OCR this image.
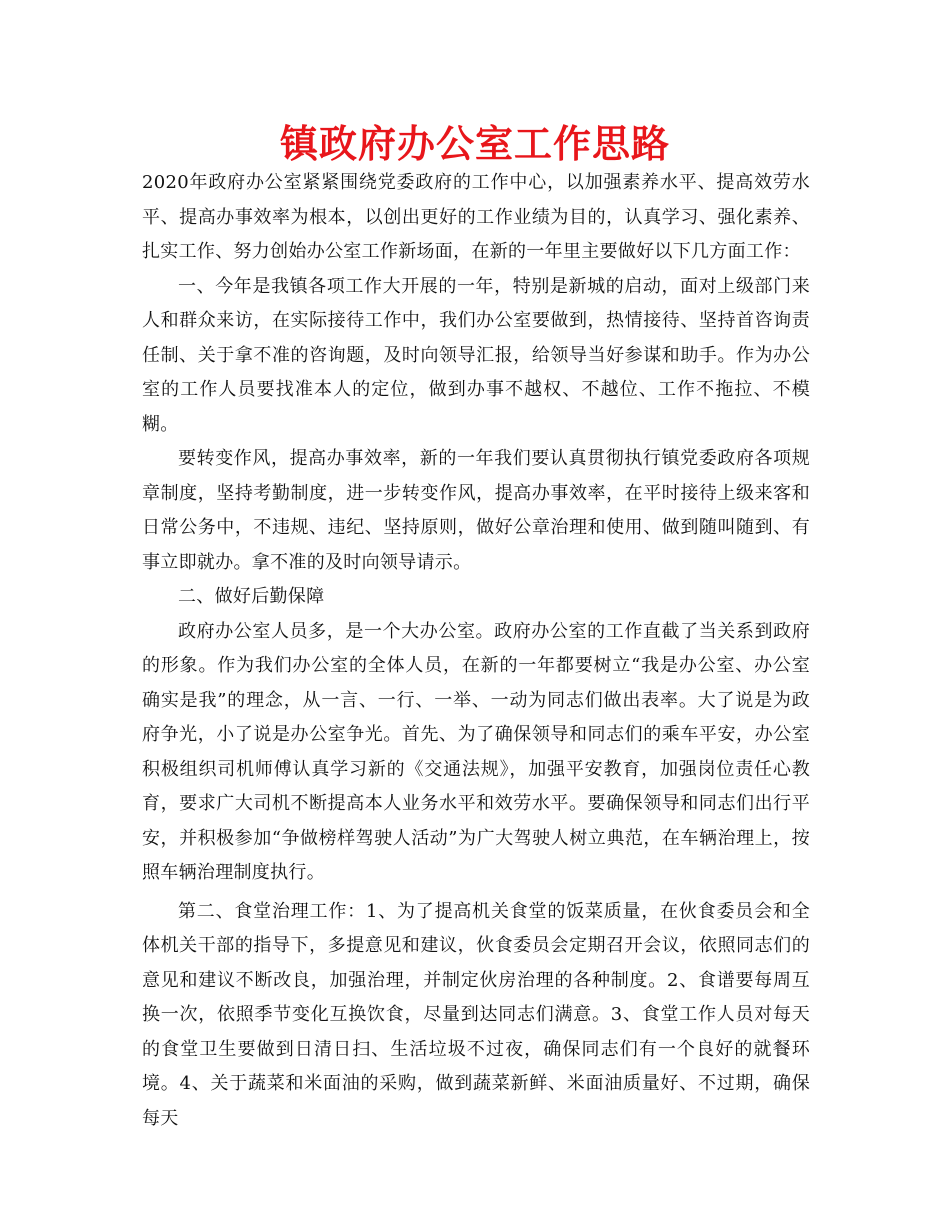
镇政府办公室工作思路

2020年政府办公室紧紧围绕党委政府的工作中心，以加强素养水平、提高效劳水平、提高办事效率为根本，以创出更好的工作业绩为目的，认真学习、强化素养、扎实工作、努力创始办公室工作新场面，在新的一年里主要做好以下几方面工作：

一、今年是我镇各项工作大开展的一年，特别是新城的启动，面对上级部门来人和群众来访，在实际接待工作中，我们办公室要做到，热情接待、坚持首咨询责任制、关于拿不准的咨询题，及时向领导汇报，给领导当好参谋和助手。作为办公室的工作人员要找准本人的定位，做到办事不越权、不越位、工作不拖拉、不模糊。

要转变作风，提高办事效率，新的一年我们要认真贯彻执行镇党委政府各项规章制度，坚持考勤制度，进一步转变作风，提高办事效率，在平时接待上级来客和日常公务中，不违规、违纪、坚持原则，做好公章治理和使用、做到随叫随到、有事立即就办。拿不准的及时向领导请示。

二、做好后勤保障

政府办公室人员多，是一个大办公室。政府办公室的工作直截了当关系到政府的形象。作为我们办公室的全体人员，在新的一年都要树立“我是办公室、办公室确实是我”的理念，从一言、一行、一举、一动为同志们做出表率。大了说是为政府争光，小了说是办公室争光。首先、为了确保领导和同志们的乘车平安，办公室积极组织司机师傅认真学习新的《交通法规》，加强平安教育，加强岗位责任心教育，要求广大司机不断提高本人业务水平和效劳水平。要确保领导和同志们出行平安，并积极参加“争做榜样驾驶人活动”为广大驾驶人树立典范，在车辆治理上，按照车辆治理制度执行。

第二、食堂治理工作：1、为了提高机关食堂的饭菜质量，在伙食委员会和全体机关干部的指导下，多提意见和建议，伙食委员会定期召开会议，依照同志们的意见和建议不断改良，加强治理，并制定伙房治理的各种制度。2、食谱要每周互换一次，依照季节变化互换饮食，尽量到达同志们满意。3、食堂工作人员对每天的食堂卫生要做到日清日扫、生活垃圾不过夜，确保同志们有一个良好的就餐环境。4、关于蔬菜和米面油的采购，做到蔬菜新鲜、米面油质量好、不过期，确保每天
